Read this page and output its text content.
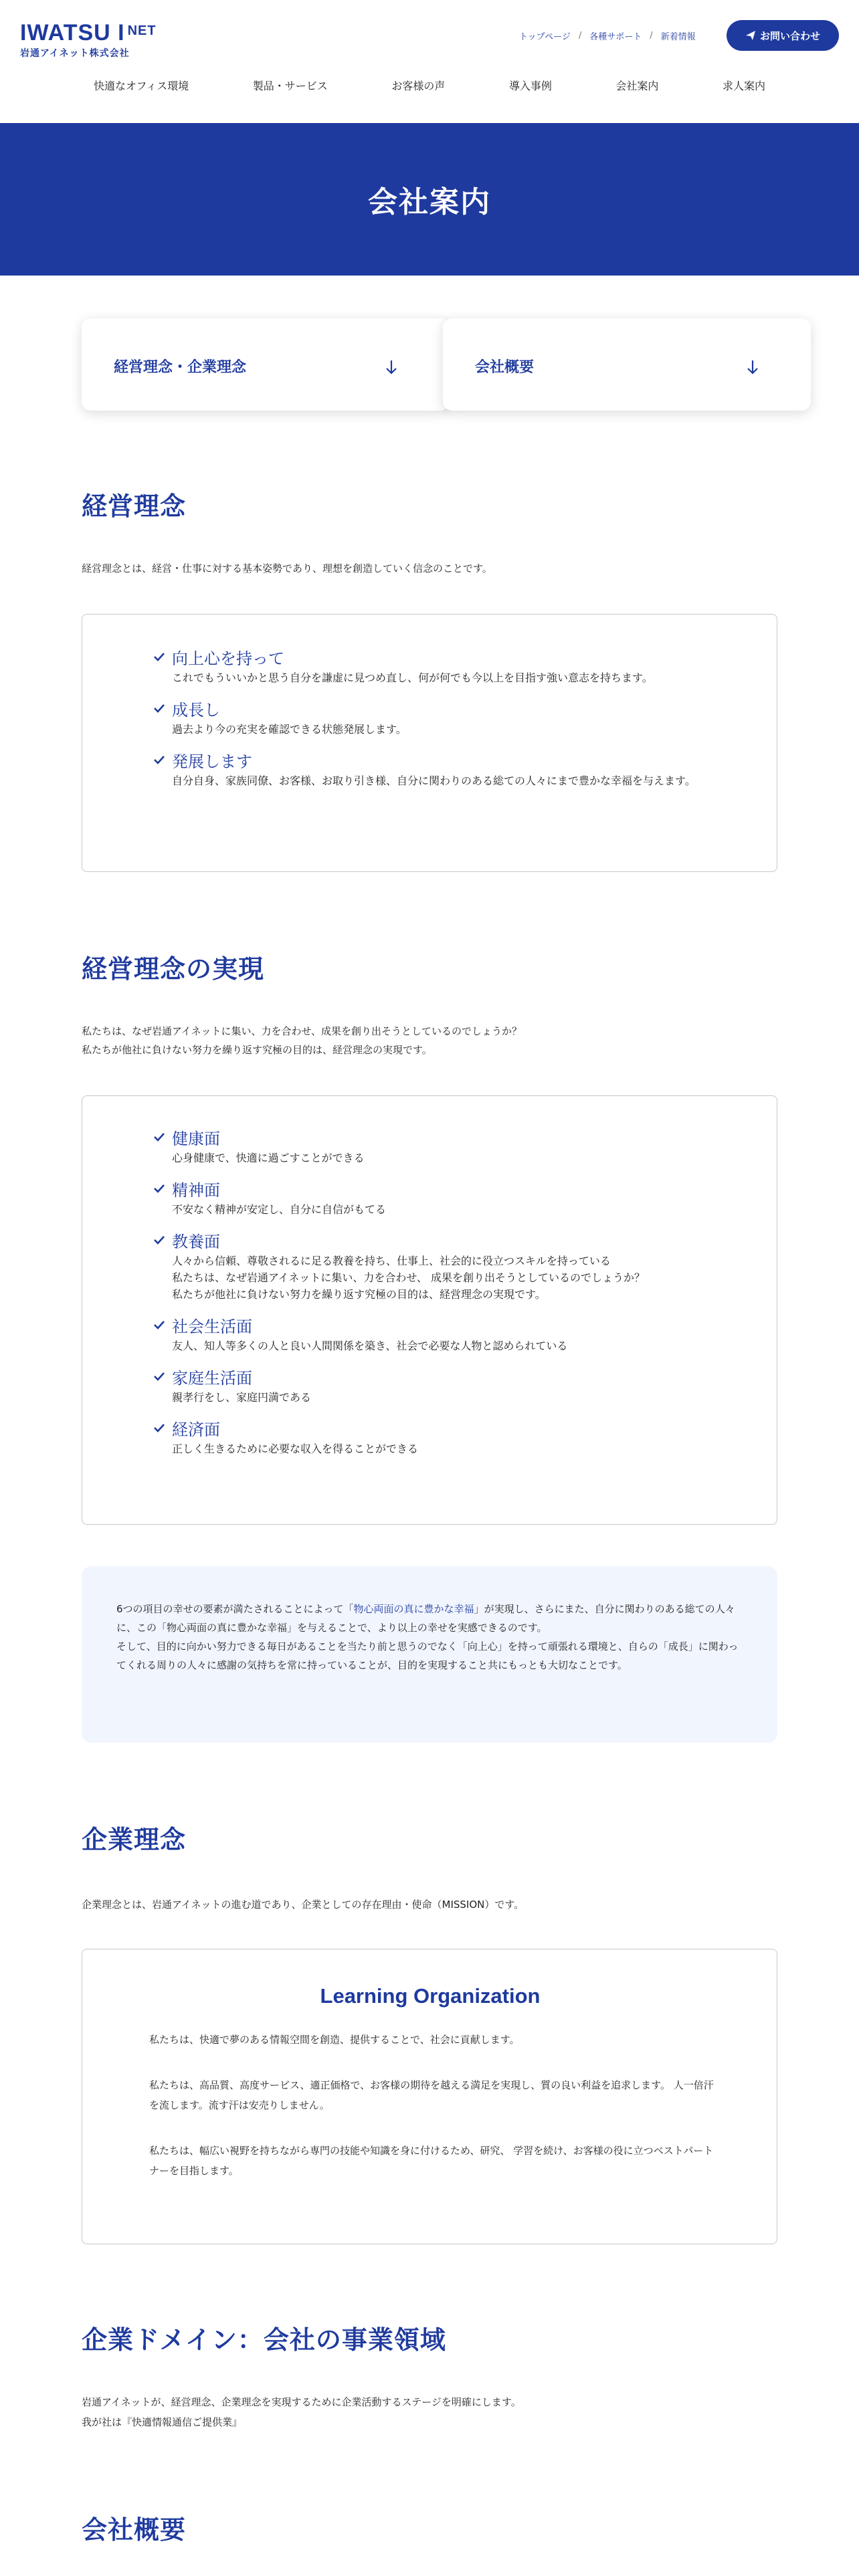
IWATSU I $^{NET}$
岩通アイネット株式会社
トップページ / 各種サポート / 新着情報	お問い合わせ
快適なオフィス環境	製品・サービス	お客様の声	導入事例	会社案内	求人案内
会社案内
経営理念・企業理念	会社概要
経営理念

経営理念とは、経営・仕事に対する基本姿勢であり、理想を創造していく信念のことです。

向上心を持って
これでもういいかと思う自分を謙虚に見つめ直し、何が何でも今以上を目指す強い意志を持ちます。
成長し
過去より今の充実を確認できる状態発展します。
発展します
自分自身、家族同僚、お客様、お取り引き様、自分に関わりのある総ての人々にまで豊かな幸福を与えます。
経営理念の実現

私たちは、なぜ岩通アイネットに集い、力を合わせ、成果を創り出そうとしているのでしょうか？

私たちが他社に負けない努力を繰り返す究極の目的は、経営理念の実現です。

健康面
心身健康で、快適に過ごすことができる
精神面
不安なく精神が安定し、自分に自信がもてる
教養面
人々から信頼、尊敬されるに足る教養を持ち、仕事上、社会的に役立つスキルを持っている
私たちは、なぜ岩通アイネットに集い、力を合わせ、 成果を創り出そうとしているのでしょうか？
私たちが他社に負けない努力を繰り返す究極の目的は、経営理念の実現です。
社会生活面
友人、知人等多くの人と良い人間関係を築き、社会で必要な人物と認められている
家庭生活面
親孝行をし、家庭円満である
経済面
正しく生きるために必要な収入を得ることができる

6つの項目の幸せの要素が満たされることによって「物心両面の真に豊かな幸福」が実現し、さらにまた、自分に関わりのある総ての人々に、この「物心両面の真に豊かな幸福」を与えることで、より以上の幸せを実感できるのです。
そして、目的に向かい努力できる毎日があることを当たり前と思うのでなく「向上心」を持って頑張れる環境と、自らの「成長」に関わってくれる周りの人々に感謝の気持ちを常に持っていることが、目的を実現すること共にもっとも大切なことです。

企業理念

企業理念とは、岩通アイネットの進む道であり、企業としての存在理由・使命（MISSION）です。

Learning Organization

私たちは、快適で夢のある情報空間を創造、提供することで、社会に貢献します。

私たちは、高品質、高度サービス、適正価格で、お客様の期待を越える満足を実現し、質の良い利益を追求します。 人一倍汗を流します。流す汗は安売りしません。

私たちは、幅広い視野を持ちながら専門の技能や知識を身に付けるため、研究、 学習を続け、お客様の役に立つベストパートナーを目指します。

企業ドメイン：会社の事業領域

岩通アイネットが、経営理念、企業理念を実現するために企業活動するステージを明確にします。

我が社は『快適情報通信ご提供業』

会社概要
